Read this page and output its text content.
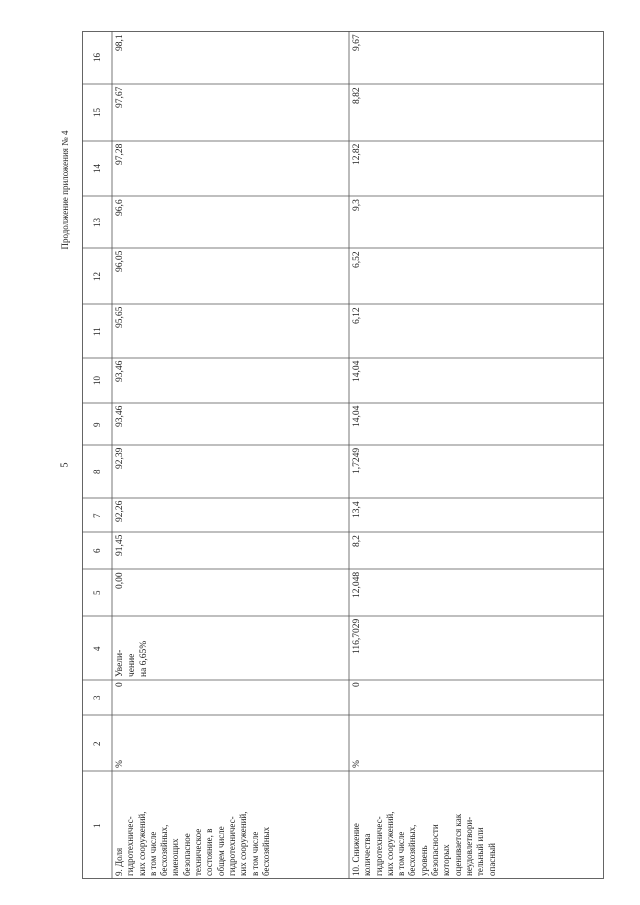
Продолжение приложения № 4
5
1
2
3
4
5
6
7
8
9
10
11
12
13
14
15
16
9. Доля гидротехничес- ких сооружений, в том числе бесхозяйных, имеющих безопасное техническое состояние, в общем числе гидротехничес- ких сооружений, в том числе бесхозяйных
%
0
Увели- чение на 6,65%
0,00
91,45
92,26
92,39
93,46
93,46
95,65
96,05
96,6
97,28
97,67
98,1
10. Снижение количества гидротехничес- ких сооружений, в том числе бесхозяйных, уровень безопасности которых оценивается как неудовлетвори- тельный или опасный
%
0
116,7029
12,048
8,2
13,4
1,7249
14,04
14,04
6,12
6,52
9,3
12,82
8,82
9,67
